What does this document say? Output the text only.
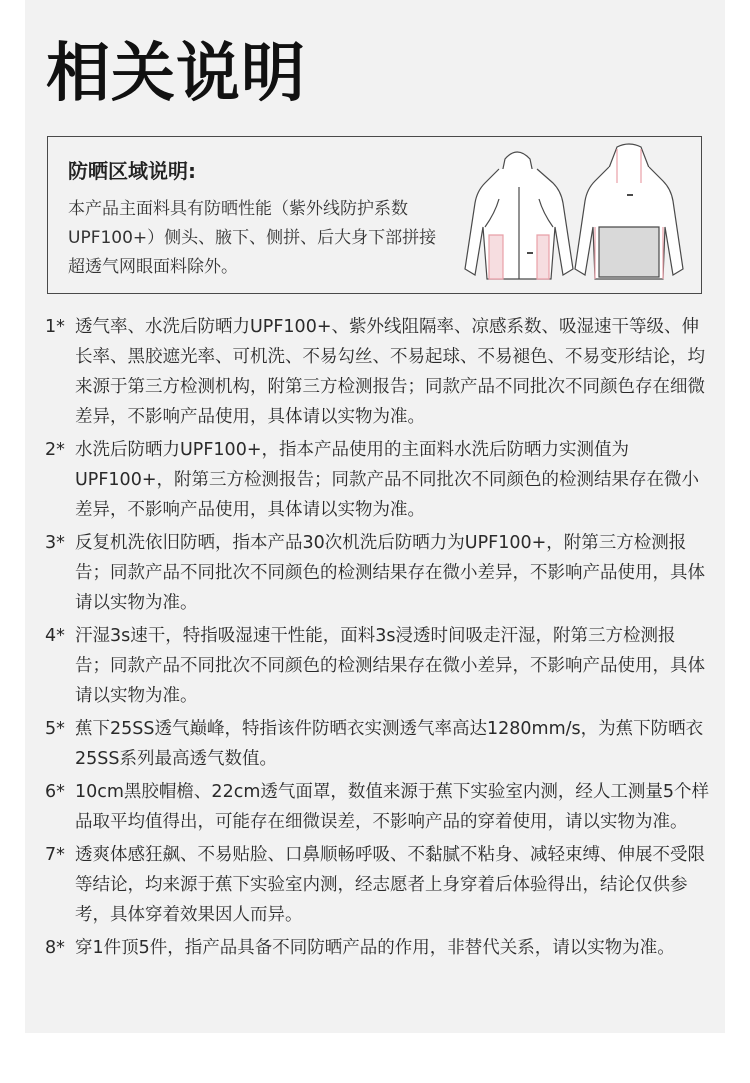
相关说明
防晒区域说明:
本产品主面料具有防晒性能（紫外线防护系数UPF100+）侧头、腋下、侧拼、后大身下部拼接超透气网眼面料除外。
1* 透气率、水洗后防晒力UPF100+、紫外线阻隔率、凉感系数、吸湿速干等级、伸长率、黑胶遮光率、可机洗、不易勾丝、不易起球、不易褪色、不易变形结论，均来源于第三方检测机构，附第三方检测报告；同款产品不同批次不同颜色存在细微差异，不影响产品使用，具体请以实物为准。
2* 水洗后防晒力UPF100+，指本产品使用的主面料水洗后防晒力实测值为UPF100+，附第三方检测报告；同款产品不同批次不同颜色的检测结果存在微小差异，不影响产品使用，具体请以实物为准。
3* 反复机洗依旧防晒，指本产品30次机洗后防晒力为UPF100+，附第三方检测报告；同款产品不同批次不同颜色的检测结果存在微小差异，不影响产品使用，具体请以实物为准。
4* 汗湿3s速干，特指吸湿速干性能，面料3s浸透时间吸走汗湿，附第三方检测报告；同款产品不同批次不同颜色的检测结果存在微小差异，不影响产品使用，具体请以实物为准。
5* 蕉下25SS透气巅峰，特指该件防晒衣实测透气率高达1280mm/s，为蕉下防晒衣25SS系列最高透气数值。
6* 10cm黑胶帽檐、22cm透气面罩，数值来源于蕉下实验室内测，经人工测量5个样品取平均值得出，可能存在细微误差，不影响产品的穿着使用，请以实物为准。
7* 透爽体感狂飙、不易贴脸、口鼻顺畅呼吸、不黏腻不粘身、减轻束缚、伸展不受限等结论，均来源于蕉下实验室内测，经志愿者上身穿着后体验得出，结论仅供参考，具体穿着效果因人而异。
8* 穿1件顶5件，指产品具备不同防晒产品的作用，非替代关系，请以实物为准。
